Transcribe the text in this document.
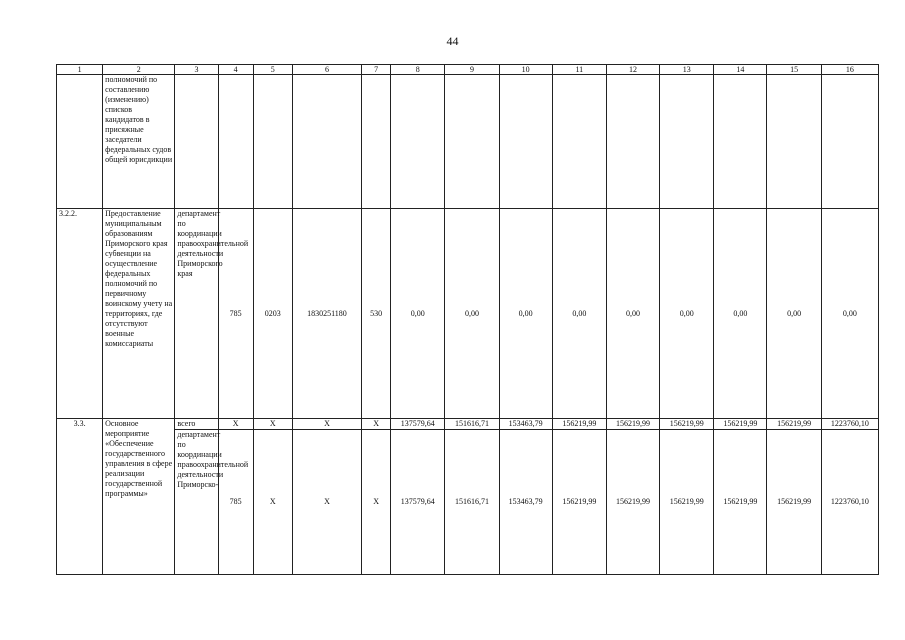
44
1	2	3	4	5	6	7	8	9	10	11	12	13	14	15	16
	полномочий по составлению (изменению) списков кандидатов в присяжные заседатели федеральных судов общей юрисдикции														
3.2.2.	Предоставление муниципальным образованиям Приморского края субвенции на осуществление федеральных полномочий по первичному воинскому учету на территориях, где отсутствуют военные комиссариаты	департамент по координации правоохранительной деятельности Приморского края	785	0203	1830251180	530	0,00	0,00	0,00	0,00	0,00	0,00	0,00	0,00	0,00
3.3.	Основное мероприятие «Обеспечение государственного управления в сфере реализации государственной программы»	всего	X	X	X	X	137579,64	151616,71	153463,79	156219,99	156219,99	156219,99	156219,99	156219,99	1223760,10
		департамент по координации правоохранительной деятельности Приморско-	785	X	X	X	137579,64	151616,71	153463,79	156219,99	156219,99	156219,99	156219,99	156219,99	1223760,10
